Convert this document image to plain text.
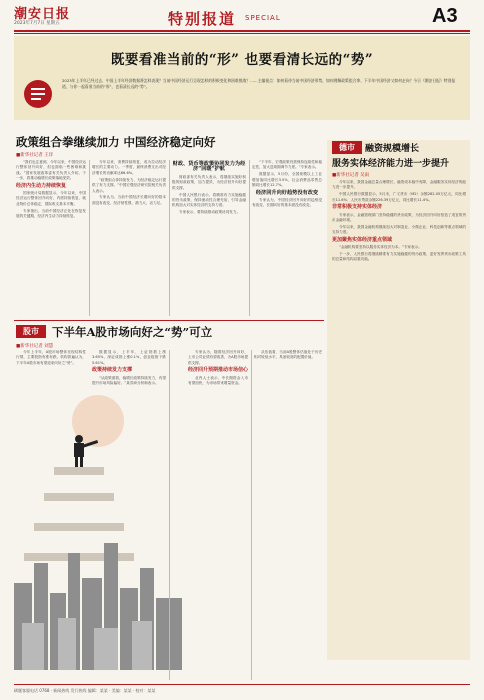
潮安日报
2023年7月7日 星期五	特别报道 SPECIAL	A3
既要看准当前的“形” 也要看清长远的“势”
2023年上半年已经过去，中国上半年经济数据将怎样表现？当前中国经济运行呈现怎样的积极变化和困难挑战？……主编视点：如何看待当前中国经济形势，如何理解政策组合拳、下半年中国经济又如何走向？今日《潮安日报》特别报道，与你一起看准当前的“形”，也看清长远的“势”。
政策组合拳继续加力 中国经济稳定向好
■新华社记者 王洋

“我们也注意到，今年以来，中国经济运行整体回升向好，但也面临一些困难和挑战。”国家发展改革委有关负责人介绍，下一步，将推动稳增长政策落地见效。

经济内生动力持续恢复

国家统计局数据显示，今年以来，中国经济运行整体回升向好，内需持续恢复，就业物价总体稳定，国际收支基本平衡。

专家指出，当前中国经济正处在恢复发展的关键期，经济内生动力持续恢复。

今年以来，消费持续恢复，成为拉动经济增长的主要动力。一季度，最终消费支出对经济增长的贡献率达66.6%。

“政策组合拳持续发力，为经济稳定运行提供了有力支撑。”中国宏观经济研究院相关负责人表示。

专家认为，当前中国经济长期向好的基本面没有改变，经济韧性强、潜力大、活力足。

财政、货币等政策协同发力为经济“回暖”护航

财政部有关负责人表示，将继续实施好积极的财政政策，加力提效，为经济回升向好提供支撑。

中国人民银行表示，将精准有力实施稳健的货币政策，保持流动性合理充裕，引导金融机构加大对实体经济的支持力度。

专家表示，要持续推动政策协同发力。

“下半年，宏观政策仍需保持连续性和稳定性，加大逆周期调节力度。”专家表示。

数据显示，5月份，全国规模以上工业增加值同比增长3.5%，社会消费品零售总额同比增长12.7%。

经济回升向好趋势没有改变

专家认为，中国经济回升向好的趋势没有改变，长期向好的基本面没有改变。

德市	融资规模增长
服务实体经济能力进一步提升
■新华社记者 吴雨

今年以来，我国金融总量合理增长，融资成本稳中有降，金融服务实体经济的能力进一步提升。

中国人民银行数据显示，5月末，广义货币（M2）余额282.05万亿元，同比增长11.6%；人民币贷款余额226.39万亿元，同比增长11.4%。

非常积极支持实体经济

专家表示，金融管理部门坚持稳健的货币政策，为经济回升向好营造了适宜的货币金融环境。

今年以来，我国金融机构继续加大对制造业、小微企业、科技创新等重点领域的支持力度。

更加聚焦实体经济重点领域

“金融机构要坚持以服务实体经济为本。”专家表示。

下一步，人民银行将继续精准有力实施稳健的货币政策，更好发挥货币政策工具的总量和结构双重功能。

股市	下半年A股市场向好之“势”可立
■新华社记者 刘慧

今年上半年，A股市场整体呈现结构性行情，主要股指有涨有跌。机构普遍认为，下半年A股市场有望迎来向好之“势”。

数据显示，上半年，上证指数上涨3.65%，深证成指上涨0.1%，创业板指下跌5.61%。

政策持续发力支撑

“从政策面看，稳增长政策持续发力，有望提升市场风险偏好。”某券商分析师表示。

专家认为，随着经济回升向好，上市公司业绩有望改善，为A股市场提供支撑。

经济回升预期推动市场信心

业内人士表示，中长期资金入市有望加快，为市场带来增量资金。

从估值看，当前A股整体估值处于历史相对较低水平，具备较高的配置价值。

刷题客服电话 0768 · 新闻热线 发行热线 编辑：某某 · 美编：某某 · 校对：某某
